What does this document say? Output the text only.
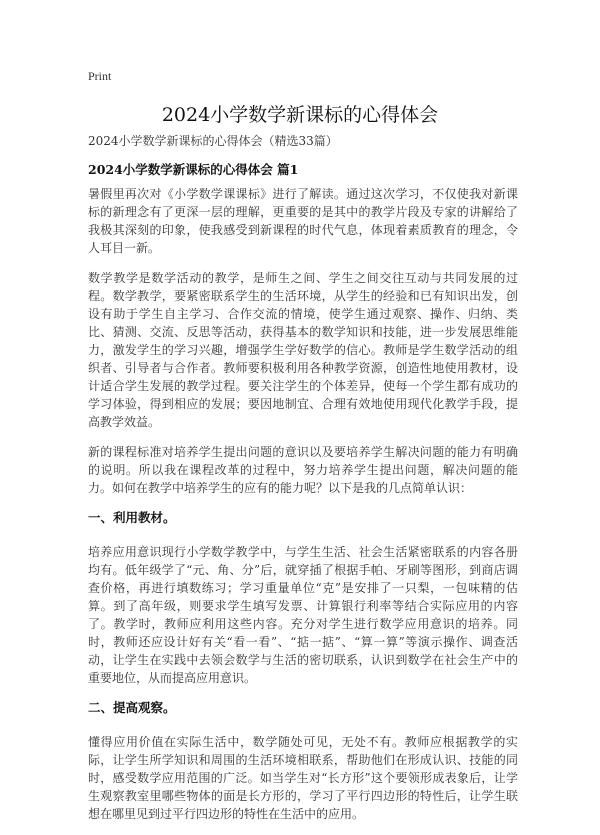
Print
2024小学数学新课标的心得体会
2024小学数学新课标的心得体会（精选33篇）
2024小学数学新课标的心得体会 篇1

暑假里再次对《小学数学课课标》进行了解读。通过这次学习，不仅使我对新课标的新理念有了更深一层的理解，更重要的是其中的教学片段及专家的讲解给了我极其深刻的印象，使我感受到新课程的时代气息，体现着素质教育的理念，令人耳目一新。

数学教学是数学活动的教学，是师生之间、学生之间交往互动与共同发展的过程。数学教学，要紧密联系学生的生活环境，从学生的经验和已有知识出发，创设有助于学生自主学习、合作交流的情境，使学生通过观察、操作、归纳、类比、猜测、交流、反思等活动，获得基本的数学知识和技能，进一步发展思维能力，激发学生的学习兴趣，增强学生学好数学的信心。教师是学生数学活动的组织者、引导者与合作者。教师要积极利用各种教学资源，创造性地使用教材，设计适合学生发展的教学过程。要关注学生的个体差异，使每一个学生都有成功的学习体验，得到相应的发展；要因地制宜、合理有效地使用现代化教学手段，提高教学效益。

新的课程标准对培养学生提出问题的意识以及要培养学生解决问题的能力有明确的说明。所以我在课程改革的过程中，努力培养学生提出问题，解决问题的能力。如何在教学中培养学生的应有的能力呢？以下是我的几点简单认识：

一、利用教材。

培养应用意识现行小学数学教学中，与学生生活、社会生活紧密联系的内容各册均有。低年级学了“元、角、分”后，就穿插了根据手帕、牙刷等图形，到商店调查价格，再进行填数练习；学习重量单位“克”是安排了一只梨，一包味精的估算。到了高年级，则要求学生填写发票、计算银行利率等结合实际应用的内容了。教学时，教师应利用这些内容。充分对学生进行数学应用意识的培养。同时，教师还应设计好有关“看一看”、“掂一掂”、“算一算”等演示操作、调查活动，让学生在实践中去领会数学与生活的密切联系，认识到数学在社会生产中的重要地位，从而提高应用意识。

二、提高观察。

懂得应用价值在实际生活中，数学随处可见，无处不有。教师应根据教学的实际，让学生所学知识和周围的生活环境相联系，帮助他们在形成认识、技能的同时，感受数学应用范围的广泛。如当学生对“长方形”这个要领形成表象后，让学生观察教室里哪些物体的面是长方形的，学习了平行四边形的特性后，让学生联想在哪里见到过平行四边形的特性在生活中的应用。
